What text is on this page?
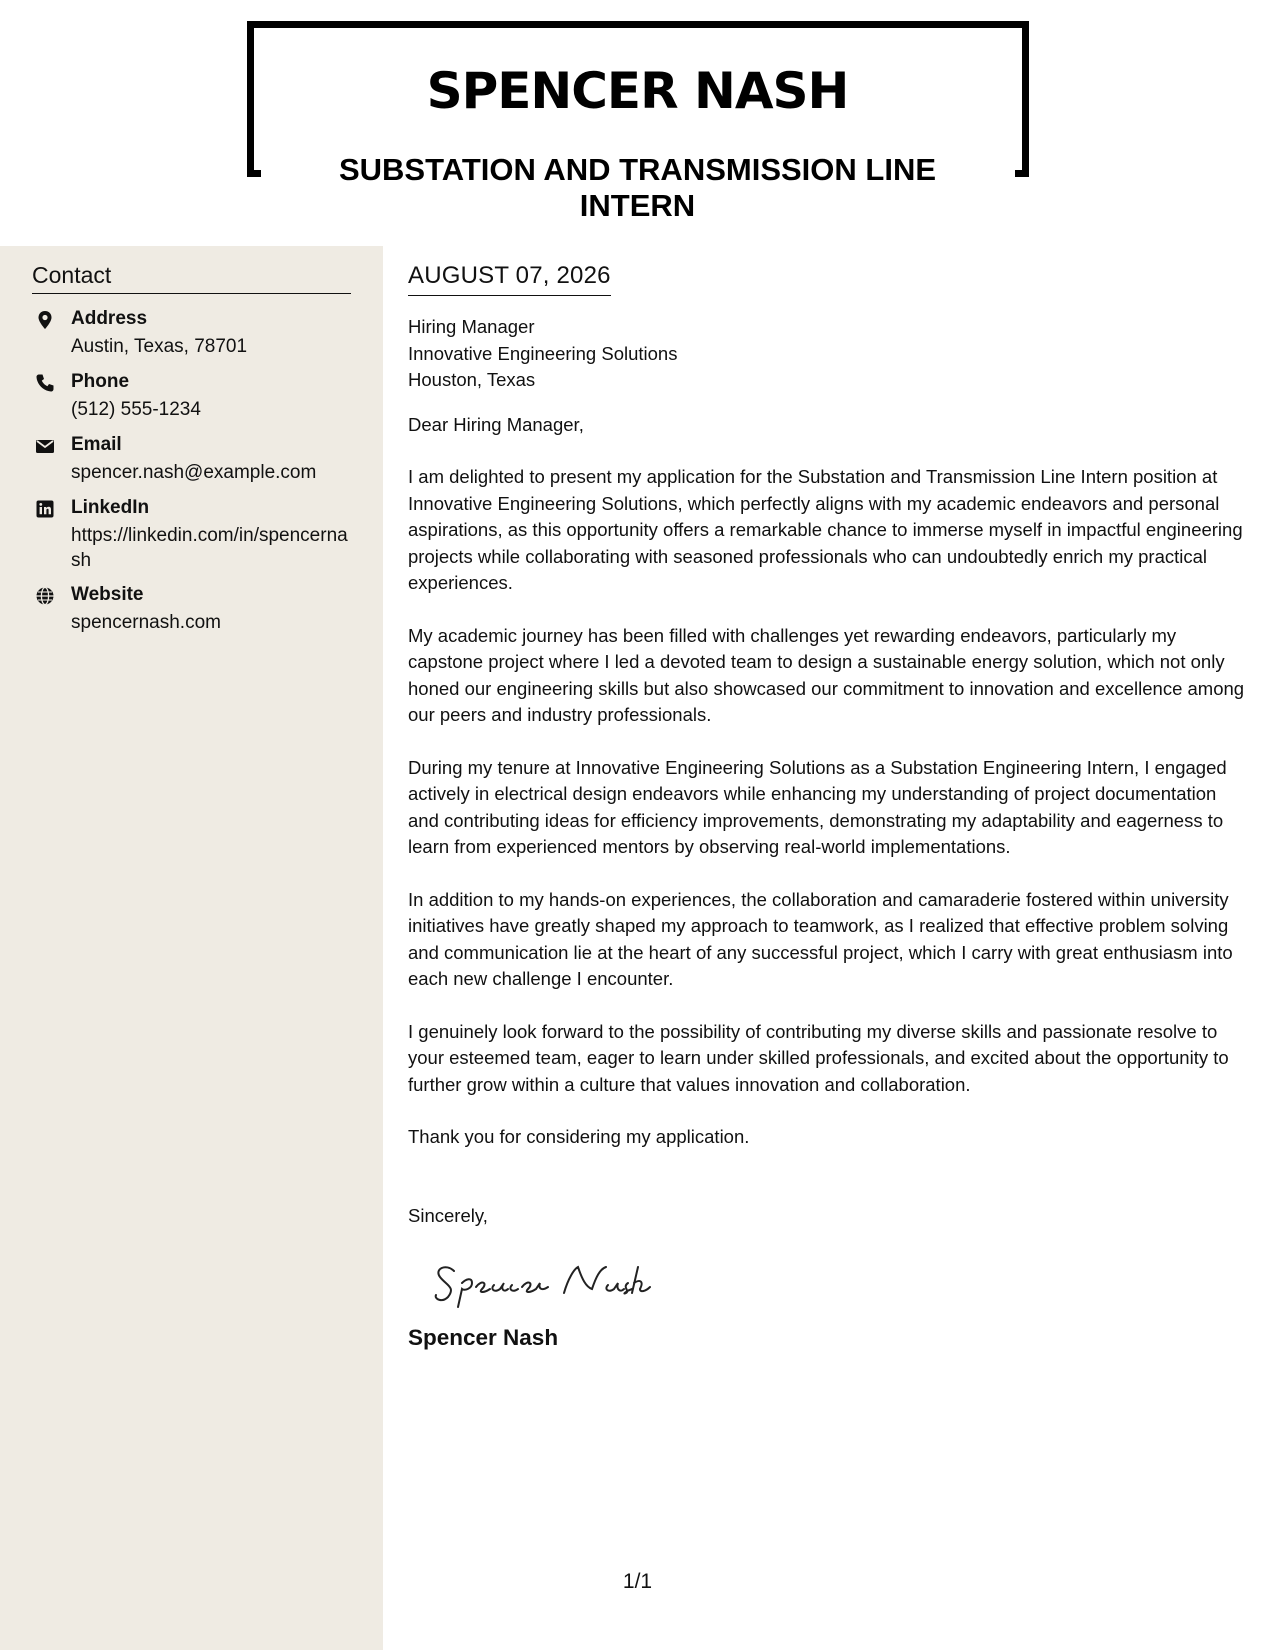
SPENCER NASH
SUBSTATION AND TRANSMISSION LINE INTERN
Contact
Address
Austin, Texas, 78701
Phone
(512) 555-1234
Email
spencer.nash@example.com
LinkedIn
https://linkedin.com/in/spencernash
Website
spencernash.com
AUGUST 07, 2026
Hiring Manager
Innovative Engineering Solutions
Houston, Texas
Dear Hiring Manager,
I am delighted to present my application for the Substation and Transmission Line Intern position at Innovative Engineering Solutions, which perfectly aligns with my academic endeavors and personal aspirations, as this opportunity offers a remarkable chance to immerse myself in impactful engineering projects while collaborating with seasoned professionals who can undoubtedly enrich my practical experiences.
My academic journey has been filled with challenges yet rewarding endeavors, particularly my capstone project where I led a devoted team to design a sustainable energy solution, which not only honed our engineering skills but also showcased our commitment to innovation and excellence among our peers and industry professionals.
During my tenure at Innovative Engineering Solutions as a Substation Engineering Intern, I engaged actively in electrical design endeavors while enhancing my understanding of project documentation and contributing ideas for efficiency improvements, demonstrating my adaptability and eagerness to learn from experienced mentors by observing real-world implementations.
In addition to my hands-on experiences, the collaboration and camaraderie fostered within university initiatives have greatly shaped my approach to teamwork, as I realized that effective problem solving and communication lie at the heart of any successful project, which I carry with great enthusiasm into each new challenge I encounter.
I genuinely look forward to the possibility of contributing my diverse skills and passionate resolve to your esteemed team, eager to learn under skilled professionals, and excited about the opportunity to further grow within a culture that values innovation and collaboration.
Thank you for considering my application.
Sincerely,
Spencer Nash
Spencer Nash
1/1
